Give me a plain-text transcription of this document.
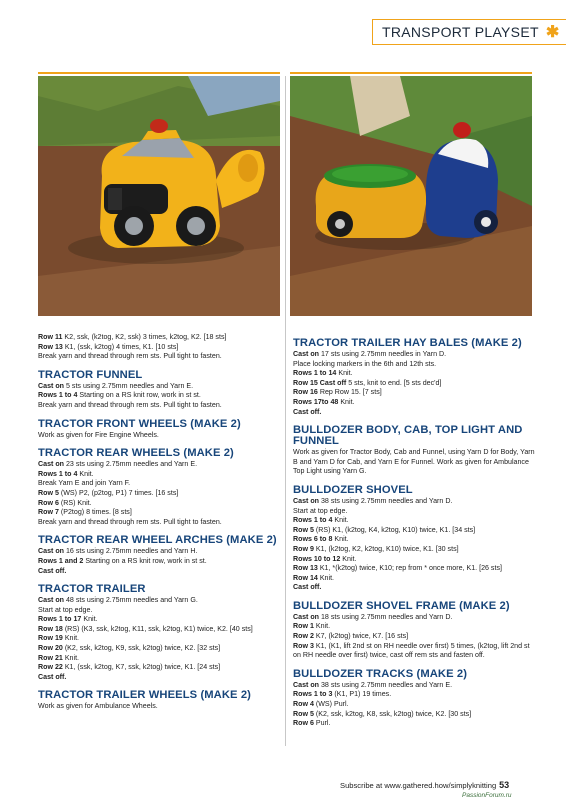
TRANSPORT PLAYSET ✱

Row 11 K2, ssk, (k2tog, K2, ssk) 3 times, k2tog, K2. [18 sts]

Row 13 K1, (ssk, k2tog) 4 times, K1. [10 sts]

Break yarn and thread through rem sts. Pull tight to fasten.

TRACTOR FUNNEL

Cast on 5 sts using 2.75mm needles and Yarn E.

Rows 1 to 4 Starting on a RS knit row, work in st st.

Break yarn and thread through rem sts. Pull tight to fasten.

TRACTOR FRONT WHEELS (MAKE 2)

Work as given for Fire Engine Wheels.

TRACTOR REAR WHEELS (MAKE 2)

Cast on 23 sts using 2.75mm needles and Yarn E.

Rows 1 to 4 Knit.

Break Yarn E and join Yarn F.

Row 5 (WS) P2, (p2tog, P1) 7 times. [16 sts]

Row 6 (RS) Knit.

Row 7 (P2tog) 8 times. [8 sts]

Break yarn and thread through rem sts. Pull tight to fasten.

TRACTOR REAR WHEEL ARCHES (MAKE 2)

Cast on 16 sts using 2.75mm needles and Yarn H.

Rows 1 and 2 Starting on a RS knit row, work in st st.

Cast off.

TRACTOR TRAILER

Cast on 48 sts using 2.75mm needles and Yarn G.

Start at top edge.

Rows 1 to 17 Knit.

Row 18 (RS) (K3, ssk, k2tog, K11, ssk, k2tog, K1) twice, K2. [40 sts]

Row 19 Knit.

Row 20 (K2, ssk, k2tog, K9, ssk, k2tog) twice, K2. [32 sts]

Row 21 Knit.

Row 22 K1, (ssk, k2tog, K7, ssk, k2tog) twice, K1. [24 sts]

Cast off.

TRACTOR TRAILER WHEELS (MAKE 2)

Work as given for Ambulance Wheels.

TRACTOR TRAILER HAY BALES (MAKE 2)

Cast on 17 sts using 2.75mm needles in Yarn D.

Place locking markers in the 6th and 12th sts.

Rows 1 to 14 Knit.

Row 15 Cast off 5 sts, knit to end. [5 sts dec'd]

Row 16 Rep Row 15. [7 sts]

Rows 17to 48 Knit.

Cast off.

BULLDOZER BODY, CAB, TOP LIGHT AND FUNNEL

Work as given for Tractor Body, Cab and Funnel, using Yarn D for Body, Yarn B and Yarn D for Cab, and Yarn E for Funnel. Work as given for Ambulance Top Light using Yarn G.

BULLDOZER SHOVEL

Cast on 38 sts using 2.75mm needles and Yarn D.

Start at top edge.

Rows 1 to 4 Knit.

Row 5 (RS) K1, (k2tog, K4, k2tog, K10) twice, K1. [34 sts]

Rows 6 to 8 Knit.

Row 9 K1, (k2tog, K2, k2tog, K10) twice, K1. [30 sts]

Rows 10 to 12 Knit.

Row 13 K1, *(k2tog) twice, K10; rep from * once more, K1. [26 sts]

Row 14 Knit.

Cast off.

BULLDOZER SHOVEL FRAME (MAKE 2)

Cast on 18 sts using 2.75mm needles and Yarn D.

Row 1 Knit.

Row 2 K7, (k2tog) twice, K7. [16 sts]

Row 3 K1, (K1, lift 2nd st on RH needle over first) 5 times, (k2tog, lift 2nd st on RH needle over first) twice, cast off rem sts and fasten off.

BULLDOZER TRACKS (MAKE 2)

Cast on 38 sts using 2.75mm needles and Yarn E.

Rows 1 to 3 (K1, P1) 19 times.

Row 4 (WS) Purl.

Row 5 (K2, ssk, k2tog, K8, ssk, k2tog) twice, K2. [30 sts]

Row 6 Purl.

Subscribe at www.gathered.how/simplyknitting 53
PassionForum.ru
